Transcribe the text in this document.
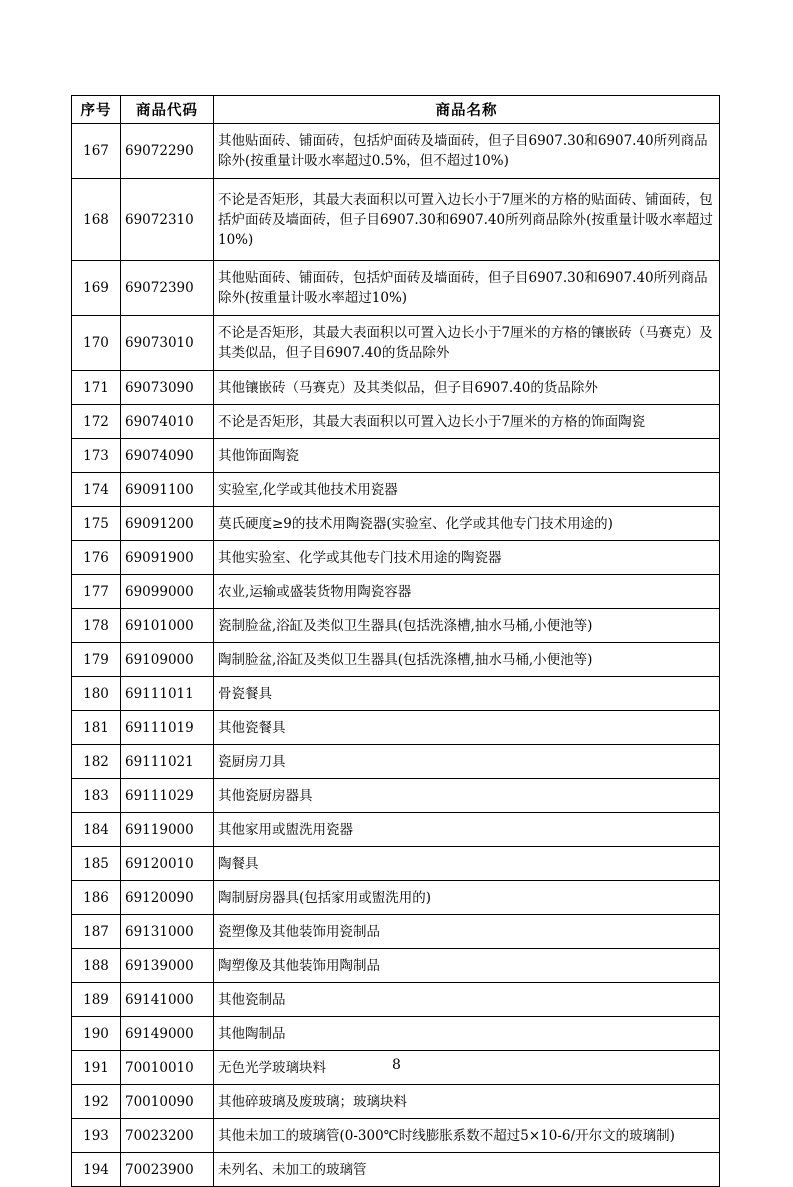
序号	商品代码	商品名称
167	69072290	其他贴面砖、铺面砖，包括炉面砖及墙面砖，但子目6907.30和6907.40所列商品除外(按重量计吸水率超过0.5%，但不超过10%)
168	69072310	不论是否矩形，其最大表面积以可置入边长小于7厘米的方格的贴面砖、铺面砖，包括炉面砖及墙面砖，但子目6907.30和6907.40所列商品除外(按重量计吸水率超过10%)
169	69072390	其他贴面砖、铺面砖，包括炉面砖及墙面砖，但子目6907.30和6907.40所列商品除外(按重量计吸水率超过10%)
170	69073010	不论是否矩形，其最大表面积以可置入边长小于7厘米的方格的镶嵌砖（马赛克）及其类似品，但子目6907.40的货品除外
171	69073090	其他镶嵌砖（马赛克）及其类似品，但子目6907.40的货品除外
172	69074010	不论是否矩形，其最大表面积以可置入边长小于7厘米的方格的饰面陶瓷
173	69074090	其他饰面陶瓷
174	69091100	实验室,化学或其他技术用瓷器
175	69091200	莫氏硬度≥9的技术用陶瓷器(实验室、化学或其他专门技术用途的)
176	69091900	其他实验室、化学或其他专门技术用途的陶瓷器
177	69099000	农业,运输或盛装货物用陶瓷容器
178	69101000	瓷制脸盆,浴缸及类似卫生器具(包括洗涤槽,抽水马桶,小便池等)
179	69109000	陶制脸盆,浴缸及类似卫生器具(包括洗涤槽,抽水马桶,小便池等)
180	69111011	骨瓷餐具
181	69111019	其他瓷餐具
182	69111021	瓷厨房刀具
183	69111029	其他瓷厨房器具
184	69119000	其他家用或盥洗用瓷器
185	69120010	陶餐具
186	69120090	陶制厨房器具(包括家用或盥洗用的)
187	69131000	瓷塑像及其他装饰用瓷制品
188	69139000	陶塑像及其他装饰用陶制品
189	69141000	其他瓷制品
190	69149000	其他陶制品
191	70010010	无色光学玻璃块料
192	70010090	其他碎玻璃及废玻璃；玻璃块料
193	70023200	其他未加工的玻璃管(0-300℃时线膨胀系数不超过5×10-6/开尔文的玻璃制)
194	70023900	未列名、未加工的玻璃管
8
